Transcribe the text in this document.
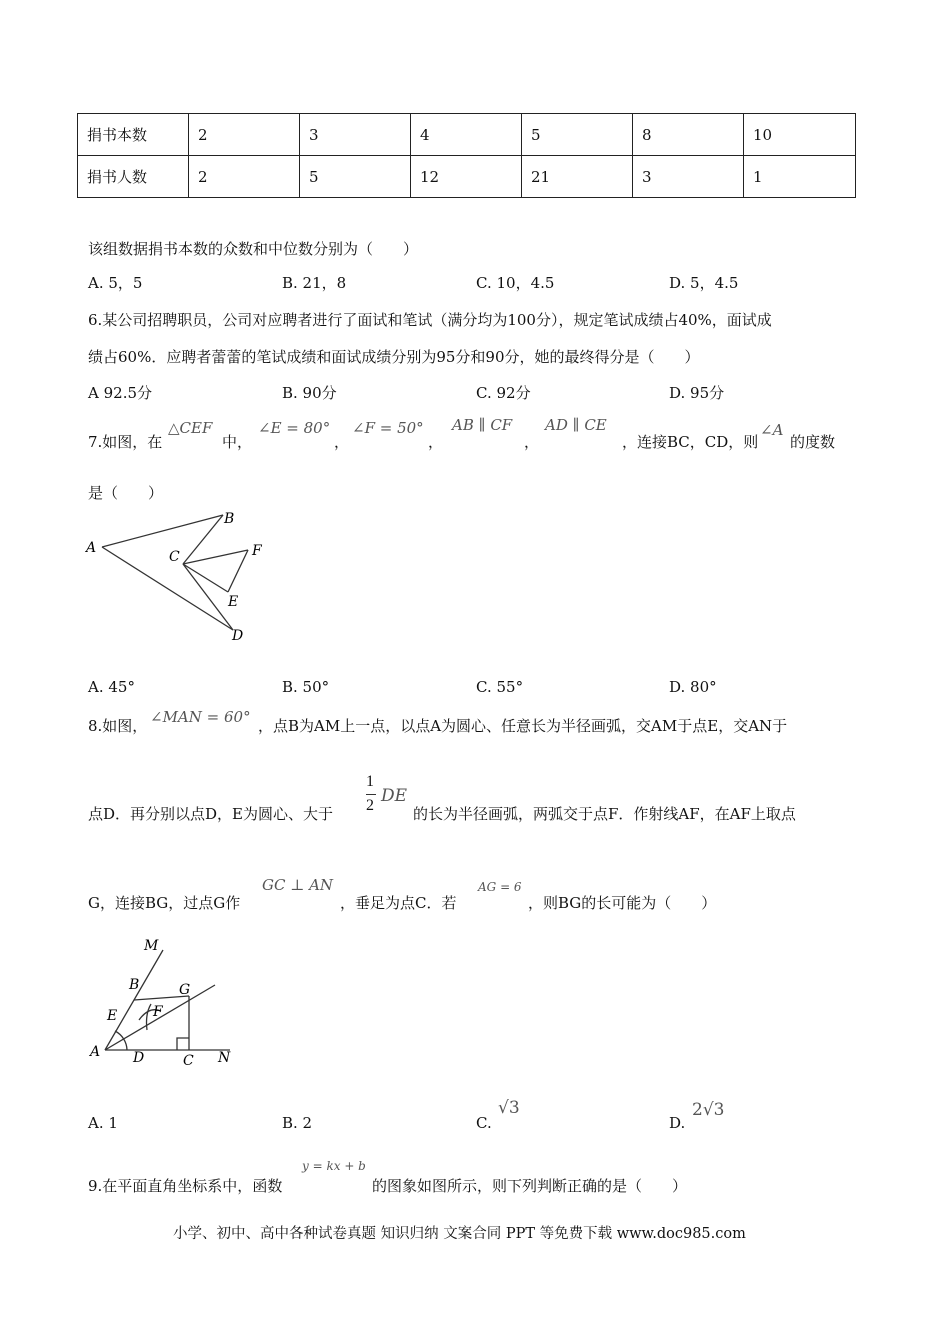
捐书本数	2	3	4	5	8	10
捐书人数	2	5	12	21	3	1
该组数据捐书本数的众数和中位数分别为（　　）
A. 5，5	B. 21，8	C. 10，4.5	D. 5，4.5
6.某公司招聘职员，公司对应聘者进行了面试和笔试（满分均为100分），规定笔试成绩占40%，面试成
绩占60%．应聘者蕾蕾的笔试成绩和面试成绩分别为95分和90分，她的最终得分是（　　）
A 92.5分	B. 90分	C. 92分	D. 95分
7.如图，在
△CEF
中，
∠E = 80°
，
∠F = 50°
，
AB ∥ CF
，
AD ∥ CE
，连接BC，CD，则
∠A
的度数
是（　　）
A
B
C	F
E
D
A. 45°	B. 50°	C. 55°	D. 80°
8.如图， ∠MAN = 60° ，点B为AM上一点，以点A为圆心、任意长为半径画弧，交AM于点E，交AN于
点D．再分别以点D，E为圆心、大于
1
2 DE
的长为半径画弧，两弧交于点F．作射线AF，在AF上取点
G，连接BG，过点G作
GC ⊥ AN
，垂足为点C．若
AG = 6
，则BG的长可能为（　　）
M
B	G
E	F
A D	C N
A. 1	B. 2	C.
√3
D.
2√3
9.在平面直角坐标系中，函数
y = kx + b
的图象如图所示，则下列判断正确的是（　　）
小学、初中、高中各种试卷真题 知识归纳 文案合同 PPT 等免费下载 www.doc985.com
